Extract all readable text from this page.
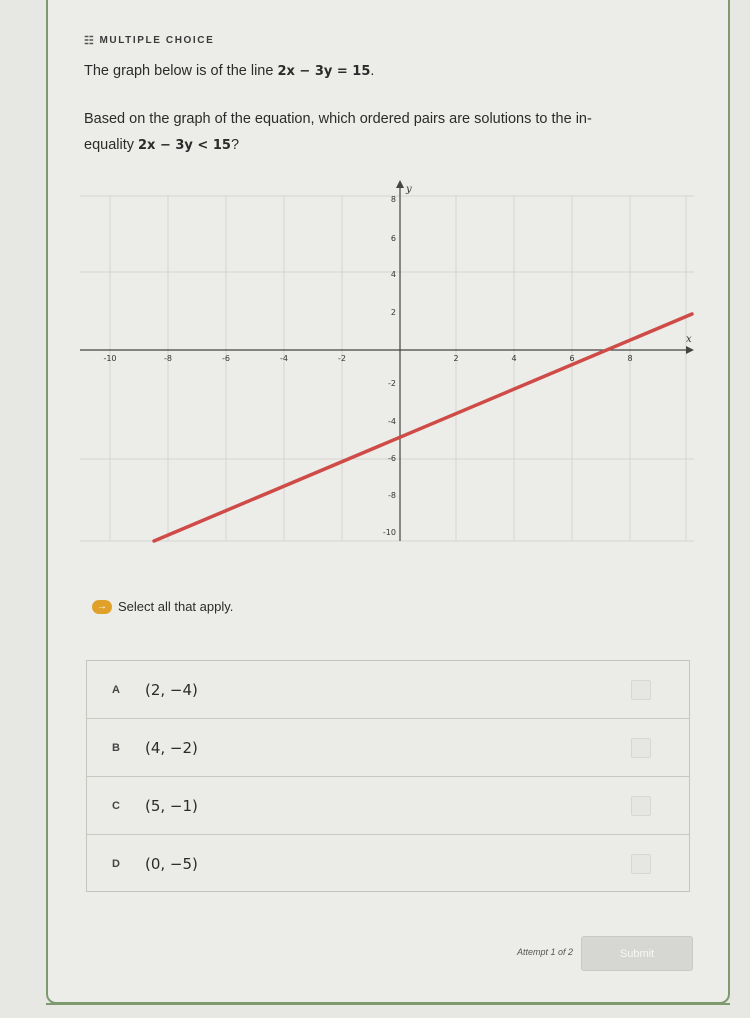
☷ MULTIPLE CHOICE
The graph below is of the line 2x − 3y = 15.
Based on the graph of the equation, which ordered pairs are solutions to the in-
equality 2x − 3y < 15?
x
y
-10	-8	-6	-4	-2	2	4	6	8
8
6
4
2
-2
-4
-6
-8
-10
→ Select all that apply.
A (2, −4)
B (4, −2)
C (5, −1)
D (0, −5)
Attempt 1 of 2	Submit
